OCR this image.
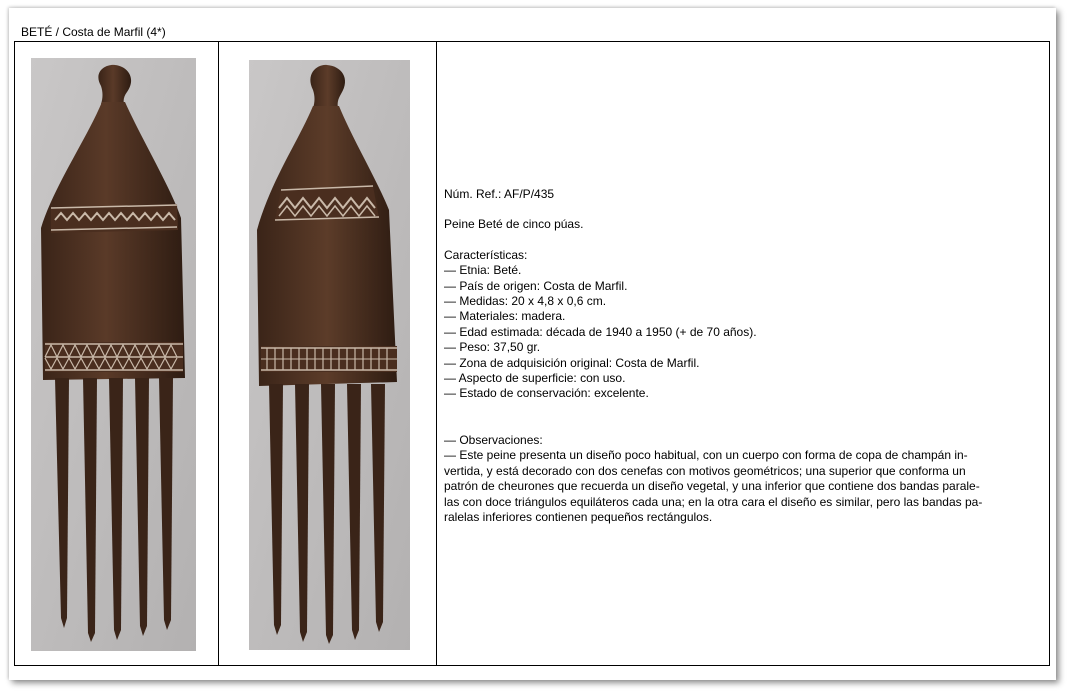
BETÉ / Costa de Marfil (4*)

Núm. Ref.: AF/P/435

Peine Beté de cinco púas.

Características:

— Etnia: Beté.

— País de origen: Costa de Marfil.

— Medidas: 20 x 4,8 x 0,6 cm.

— Materiales: madera.

— Edad estimada: década de 1940 a 1950 (+ de 70 años).

— Peso: 37,50 gr.

— Zona de adquisición original: Costa de Marfil.

— Aspecto de superficie: con uso.

— Estado de conservación: excelente.

— Observaciones:

— Este peine presenta un diseño poco habitual, con un cuerpo con forma de copa de champán in-

vertida, y está decorado con dos cenefas con motivos geométricos; una superior que conforma un

patrón de cheurones que recuerda un diseño vegetal, y una inferior que contiene dos bandas parale-

las con doce triángulos equiláteros cada una; en la otra cara el diseño es similar, pero las bandas pa-

ralelas inferiores contienen pequeños rectángulos.
